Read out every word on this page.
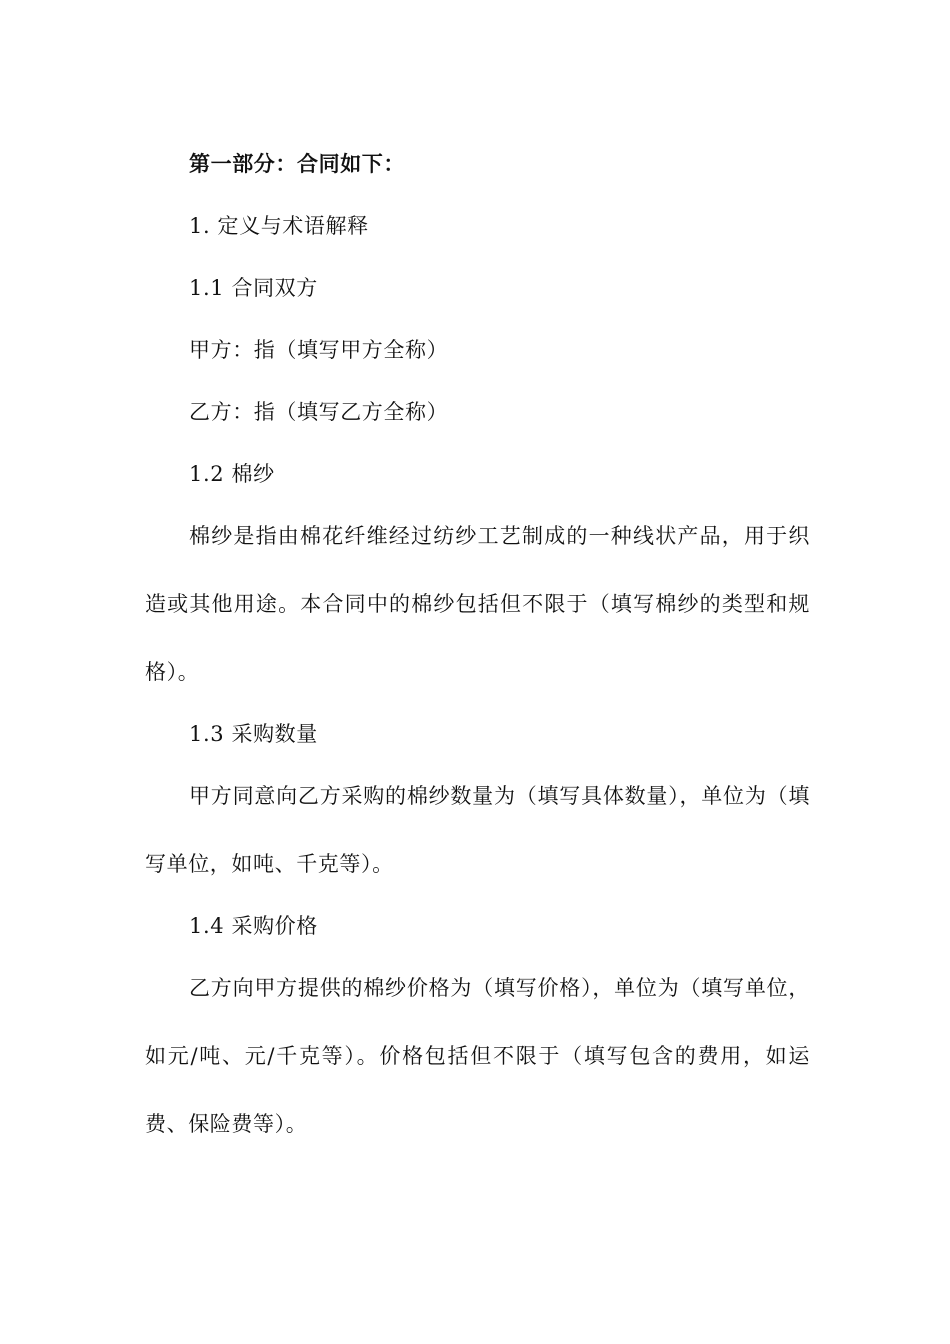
第一部分：合同如下：
1. 定义与术语解释
1.1 合同双方
甲方：指（填写甲方全称）
乙方：指（填写乙方全称）
1.2 棉纱
棉纱是指由棉花纤维经过纺纱工艺制成的一种线状产品，用于织造或其他用途。本合同中的棉纱包括但不限于（填写棉纱的类型和规格）。
1.3 采购数量
甲方同意向乙方采购的棉纱数量为（填写具体数量），单位为（填写单位，如吨、千克等）。
1.4 采购价格
乙方向甲方提供的棉纱价格为（填写价格），单位为（填写单位，如元/吨、元/千克等）。价格包括但不限于（填写包含的费用，如运费、保险费等）。
